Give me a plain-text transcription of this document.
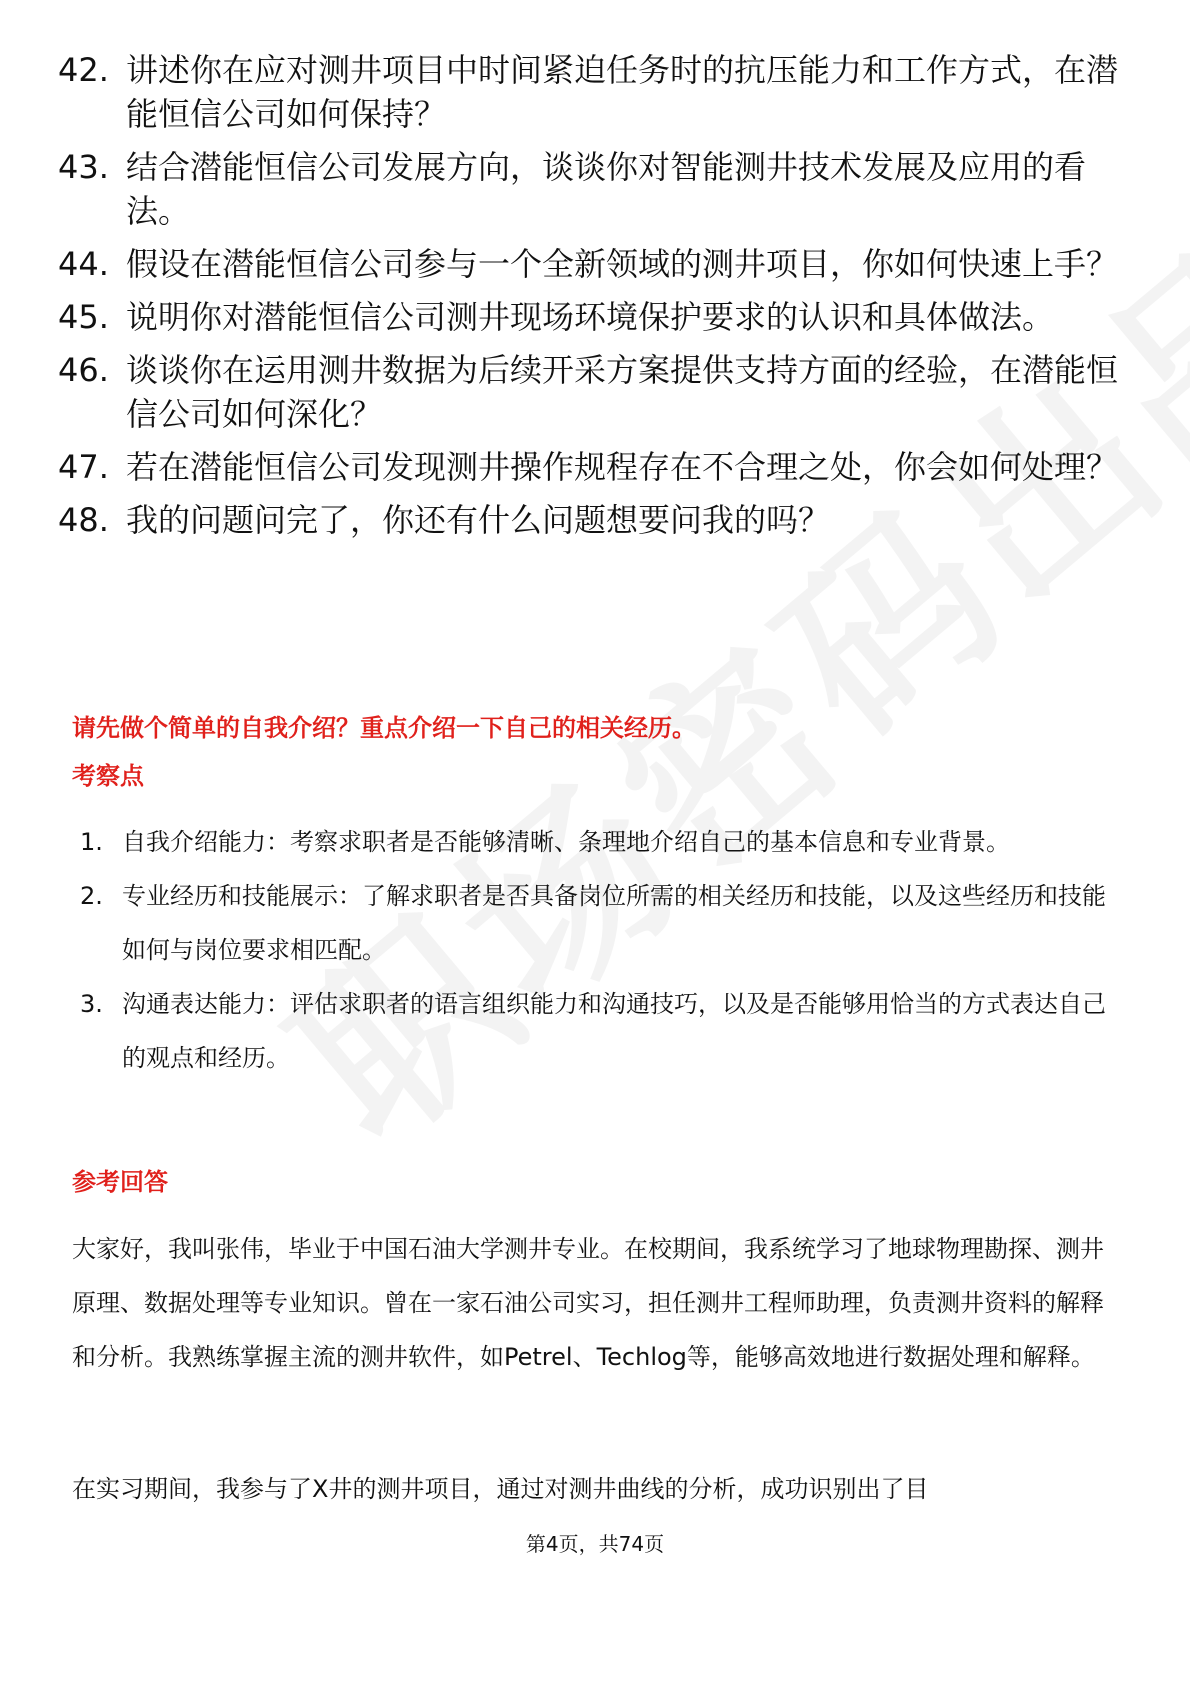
42. 讲述你在应对测井项目中时间紧迫任务时的抗压能力和工作方式，在潜能恒信公司如何保持？
43. 结合潜能恒信公司发展方向，谈谈你对智能测井技术发展及应用的看法。
44. 假设在潜能恒信公司参与一个全新领域的测井项目，你如何快速上手？
45. 说明你对潜能恒信公司测井现场环境保护要求的认识和具体做法。
46. 谈谈你在运用测井数据为后续开采方案提供支持方面的经验，在潜能恒信公司如何深化？
47. 若在潜能恒信公司发现测井操作规程存在不合理之处，你会如何处理？
48. 我的问题问完了，你还有什么问题想要问我的吗？
请先做个简单的自我介绍？重点介绍一下自己的相关经历。
考察点
1. 自我介绍能力：考察求职者是否能够清晰、条理地介绍自己的基本信息和专业背景。
2. 专业经历和技能展示：了解求职者是否具备岗位所需的相关经历和技能，以及这些经历和技能如何与岗位要求相匹配。
3. 沟通表达能力：评估求职者的语言组织能力和沟通技巧，以及是否能够用恰当的方式表达自己的观点和经历。
参考回答
大家好，我叫张伟，毕业于中国石油大学测井专业。在校期间，我系统学习了地球物理勘探、测井原理、数据处理等专业知识。曾在一家石油公司实习，担任测井工程师助理，负责测井资料的解释和分析。我熟练掌握主流的测井软件，如Petrel、Techlog等，能够高效地进行数据处理和解释。
在实习期间，我参与了X井的测井项目，通过对测井曲线的分析，成功识别出了目
第4页，共74页
